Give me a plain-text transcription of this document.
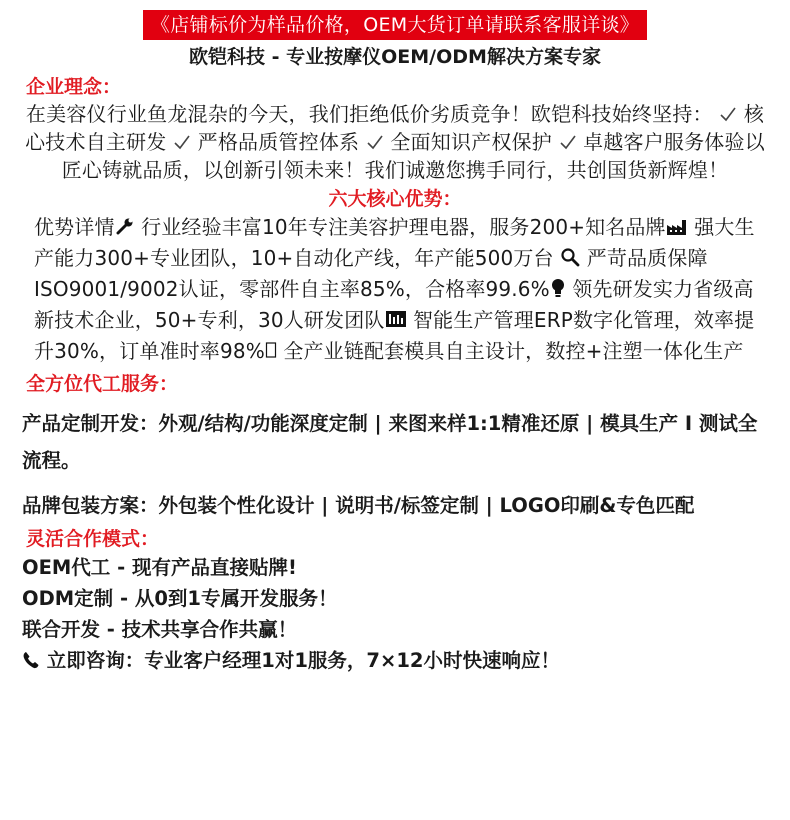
《店铺标价为样品价格，OEM大货订单请联系客服详谈》
欧铠科技 - 专业按摩仪OEM/ODM解决方案专家
企业理念：
在美容仪行业鱼龙混杂的今天，我们拒绝低价劣质竞争！欧铠科技始终坚持： 核心技术自主研发 严格品质管控体系 全面知识产权保护 卓越客户服务体验以匠心铸就品质，以创新引领未来！我们诚邀您携手同行，共创国货新辉煌！
六大核心优势：
优势详情 行业经验丰富10年专注美容护理电器，服务200+知名品牌 强大生产能力300+专业团队，10+自动化产线，年产能500万台 严苛品质保障ISO9001/9002认证，零部件自主率85%，合格率99.6% 领先研发实力省级高新技术企业，50+专利，30人研发团队 智能生产管理ERP数字化管理，效率提升30%，订单准时率98% 全产业链配套模具自主设计，数控+注塑一体化生产
全方位代工服务：
产品定制开发：外观/结构/功能深度定制 | 来图来样1:1精准还原 | 模具生产 I 测试全流程。
品牌包装方案：外包装个性化设计 | 说明书/标签定制 | LOGO印刷&专色匹配
灵活合作模式：
OEM代工 - 现有产品直接贴牌!
ODM定制 - 从0到1专属开发服务！
联合开发 - 技术共享合作共赢！
立即咨询：专业客户经理1对1服务，7×12小时快速响应！
